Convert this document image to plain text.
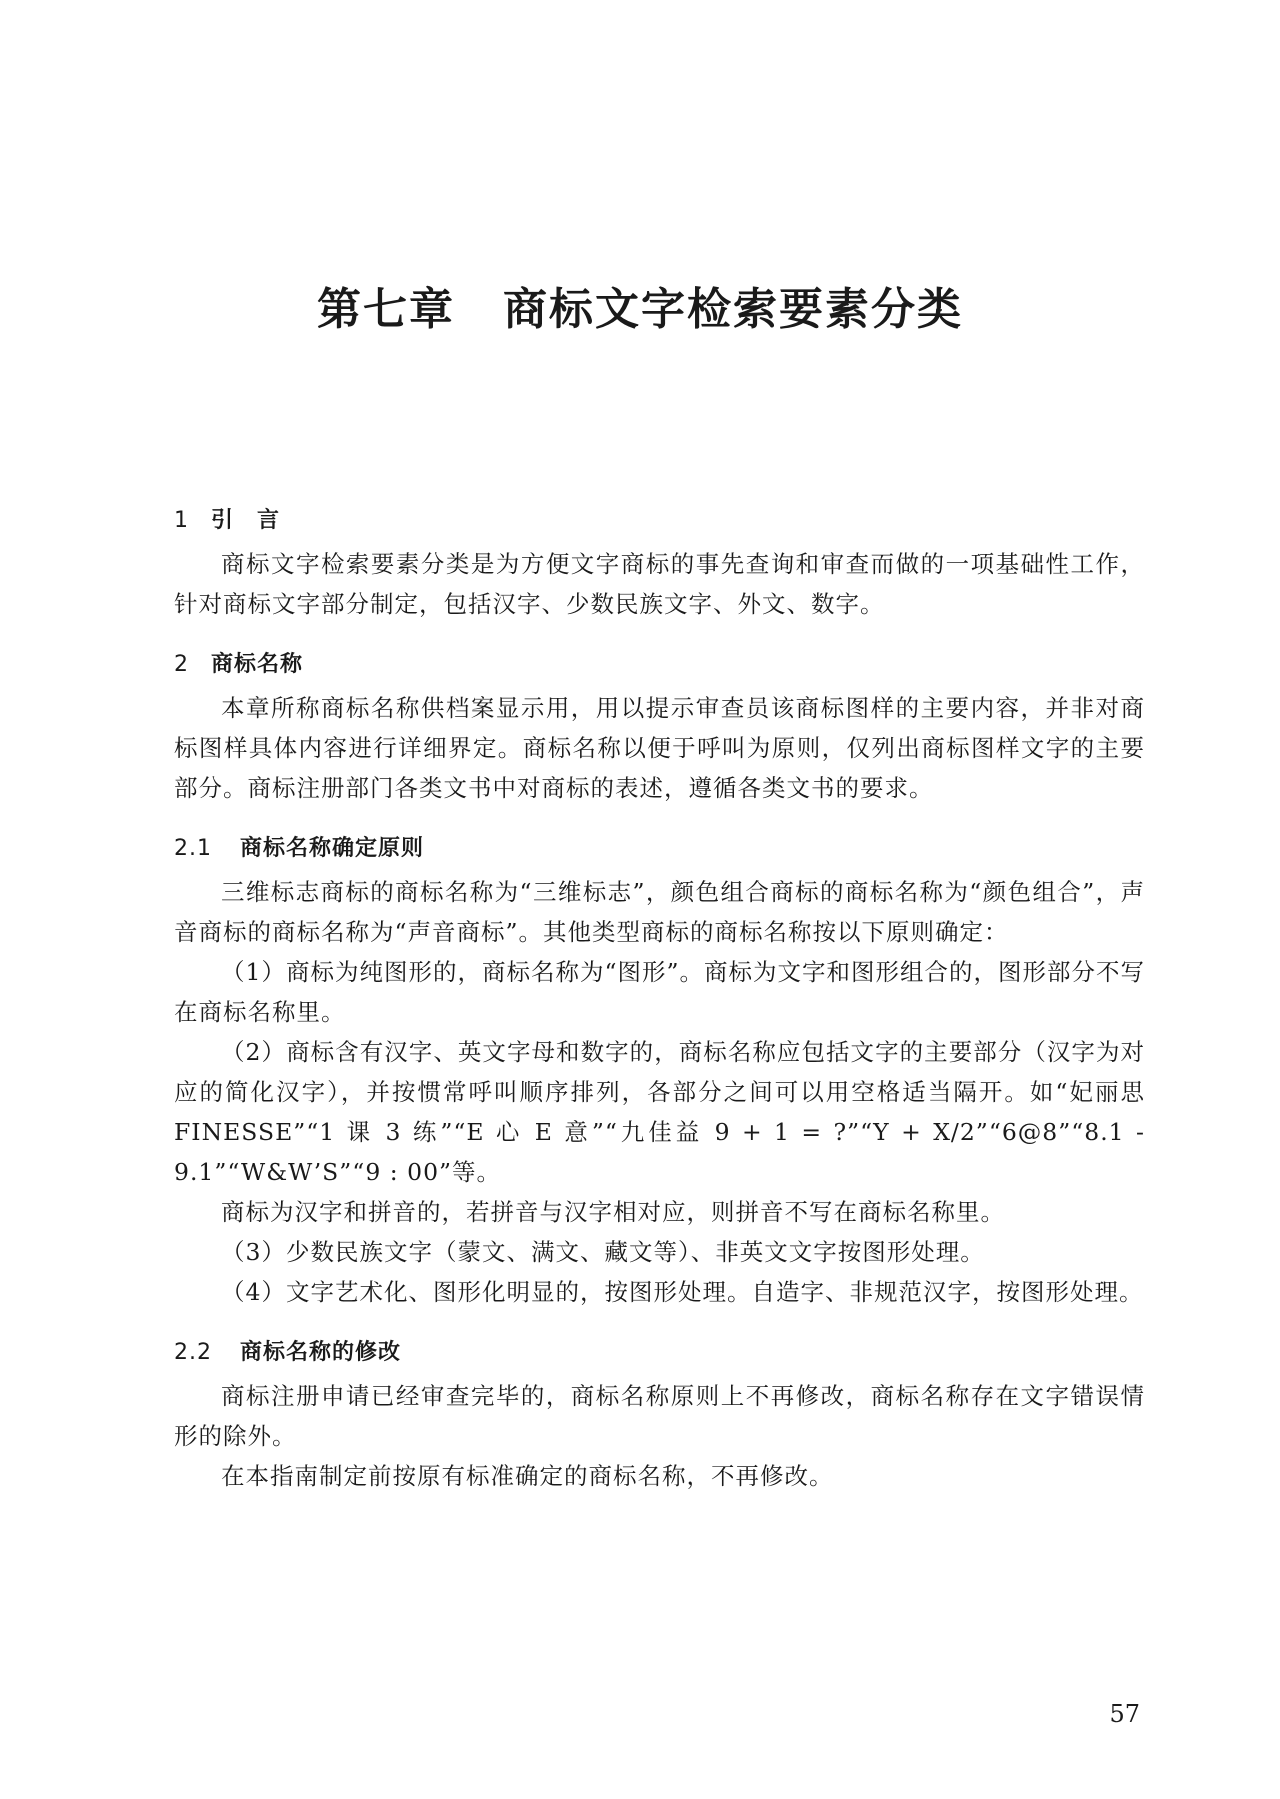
第七章 商标文字检索要素分类
1 引　言

商标文字检索要素分类是为方便文字商标的事先查询和审查而做的一项基础性工作，针对商标文字部分制定，包括汉字、少数民族文字、外文、数字。

2 商标名称

本章所称商标名称供档案显示用，用以提示审查员该商标图样的主要内容，并非对商标图样具体内容进行详细界定。商标名称以便于呼叫为原则，仅列出商标图样文字的主要部分。商标注册部门各类文书中对商标的表述，遵循各类文书的要求。

2.1 商标名称确定原则

三维标志商标的商标名称为“三维标志”，颜色组合商标的商标名称为“颜色组合”，声音商标的商标名称为“声音商标”。其他类型商标的商标名称按以下原则确定：

（1）商标为纯图形的，商标名称为“图形”。商标为文字和图形组合的，图形部分不写在商标名称里。

（2）商标含有汉字、英文字母和数字的，商标名称应包括文字的主要部分（汉字为对应的简化汉字），并按惯常呼叫顺序排列，各部分之间可以用空格适当隔开。如“妃丽思 FINESSE”“1 课 3 练”“E 心 E 意”“九佳益 9 + 1 = ?”“Y + X/2”“6@8”“8.1 - 9.1”“W&W’S”“9 : 00”等。

商标为汉字和拼音的，若拼音与汉字相对应，则拼音不写在商标名称里。

（3）少数民族文字（蒙文、满文、藏文等）、非英文文字按图形处理。

（4）文字艺术化、图形化明显的，按图形处理。自造字、非规范汉字，按图形处理。

2.2 商标名称的修改

商标注册申请已经审查完毕的，商标名称原则上不再修改，商标名称存在文字错误情形的除外。

在本指南制定前按原有标准确定的商标名称，不再修改。

57
